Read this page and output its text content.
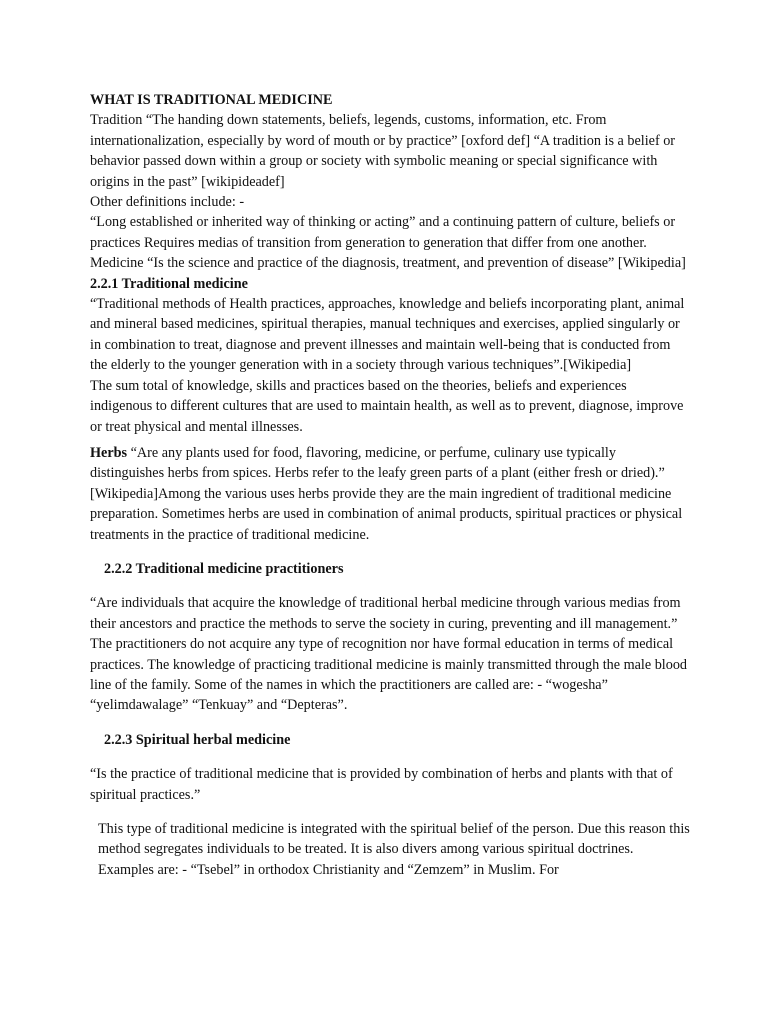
WHAT IS TRADITIONAL MEDICINE

Tradition “The handing down statements, beliefs, legends, customs, information, etc. From internationalization, especially by word of mouth or by practice” [oxford def] “A tradition is a belief or behavior passed down within a group or society with symbolic meaning or special significance with origins in the past” [wikipideadef]

Other definitions include: -

“Long established or inherited way of thinking or acting” and a continuing pattern of culture, beliefs or practices Requires medias of transition from generation to generation that differ from one another. Medicine “Is the science and practice of the diagnosis, treatment, and prevention of disease” [Wikipedia]

2.2.1 Traditional medicine

“Traditional methods of Health practices, approaches, knowledge and beliefs incorporating plant, animal and mineral based medicines, spiritual therapies, manual techniques and exercises, applied singularly or in combination to treat, diagnose and prevent illnesses and maintain well-being that is conducted from the elderly to the younger generation with in a society through various techniques”.[Wikipedia]

The sum total of knowledge, skills and practices based on the theories, beliefs and experiences indigenous to different cultures that are used to maintain health, as well as to prevent, diagnose, improve or treat physical and mental illnesses.

Herbs “Are any plants used for food, flavoring, medicine, or perfume, culinary use typically distinguishes herbs from spices. Herbs refer to the leafy green parts of a plant (either fresh or dried).” [Wikipedia]Among the various uses herbs provide they are the main ingredient of traditional medicine preparation. Sometimes herbs are used in combination of animal products, spiritual practices or physical treatments in the practice of traditional medicine.

2.2.2 Traditional medicine practitioners

“Are individuals that acquire the knowledge of traditional herbal medicine through various medias from their ancestors and practice the methods to serve the society in curing, preventing and ill management.” The practitioners do not acquire any type of recognition nor have formal education in terms of medical practices. The knowledge of practicing traditional medicine is mainly transmitted through the male blood line of the family. Some of the names in which the practitioners are called are: - “wogesha” “yelimdawalage” “Tenkuay” and “Depteras”.

2.2.3 Spiritual herbal medicine

“Is the practice of traditional medicine that is provided by combination of herbs and plants with that of spiritual practices.”

This type of traditional medicine is integrated with the spiritual belief of the person. Due this reason this method segregates individuals to be treated. It is also divers among various spiritual doctrines. Examples are: - “Tsebel” in orthodox Christianity and “Zemzem” in Muslim. For
